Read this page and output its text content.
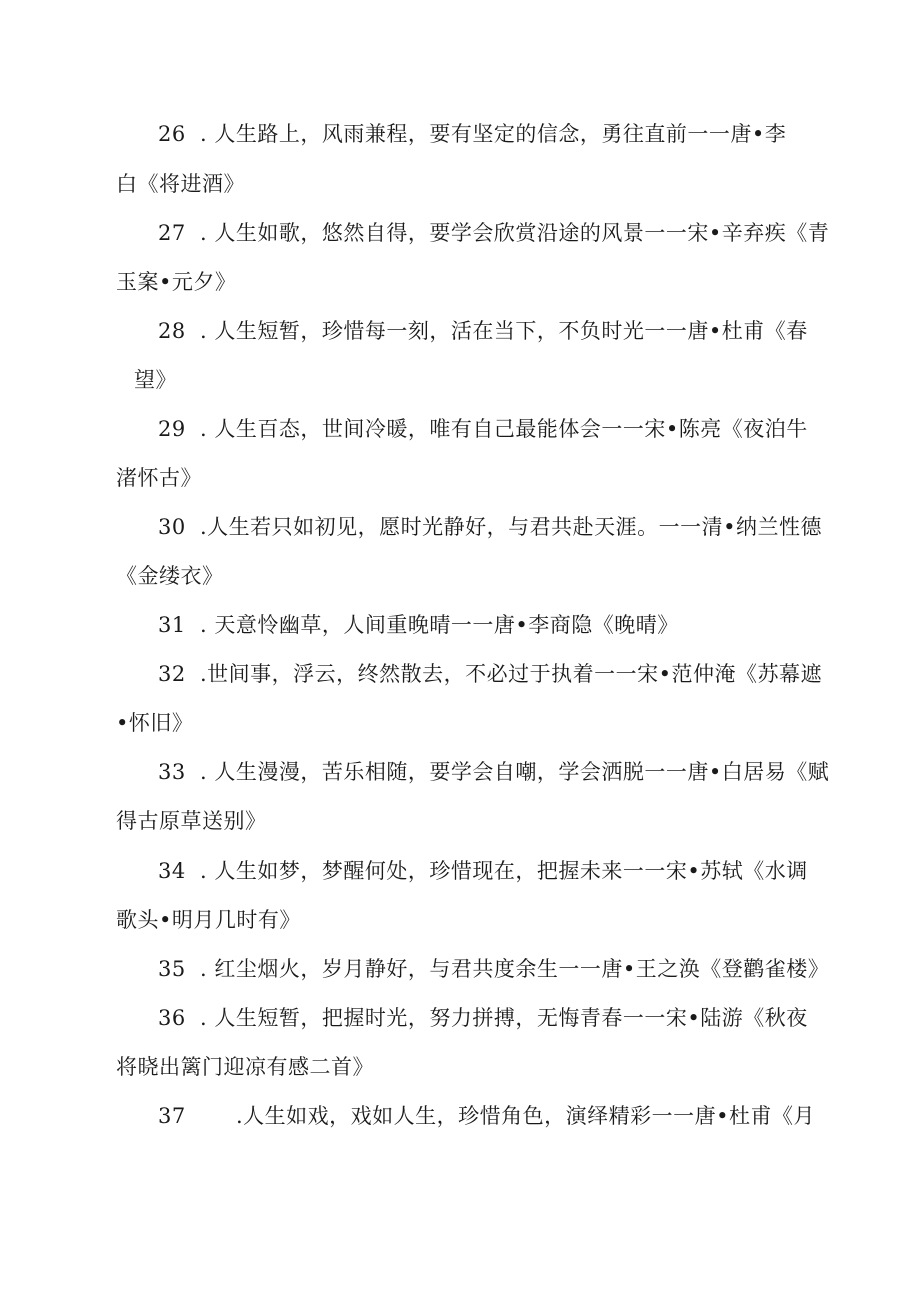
26 . 人生路上，风雨兼程，要有坚定的信念，勇往直前一一唐•李
白《将进酒》
27 . 人生如歌，悠然自得，要学会欣赏沿途的风景一一宋•辛弃疾《青
玉案•元夕》
28 . 人生短暂，珍惜每一刻，活在当下，不负时光一一唐•杜甫《春
望》
29 . 人生百态，世间冷暖，唯有自己最能体会一一宋•陈亮《夜泊牛
渚怀古》
30 .人生若只如初见，愿时光静好，与君共赴天涯。一一清•纳兰性德
《金缕衣》
31 . 天意怜幽草，人间重晚晴一一唐•李商隐《晚晴》
32 .世间事，浮云，终然散去，不必过于执着一一宋•范仲淹《苏幕遮
•怀旧》
33 . 人生漫漫，苦乐相随，要学会自嘲，学会洒脱一一唐•白居易《赋
得古原草送别》
34 . 人生如梦，梦醒何处，珍惜现在，把握未来一一宋•苏轼《水调
歌头•明月几时有》
35 . 红尘烟火，岁月静好，与君共度余生一一唐•王之涣《登鹳雀楼》
36 . 人生短暂，把握时光，努力拼搏，无悔青春一一宋•陆游《秋夜
将晓出篱门迎凉有感二首》
37 .人生如戏，戏如人生，珍惜角色，演绎精彩一一唐•杜甫《月
